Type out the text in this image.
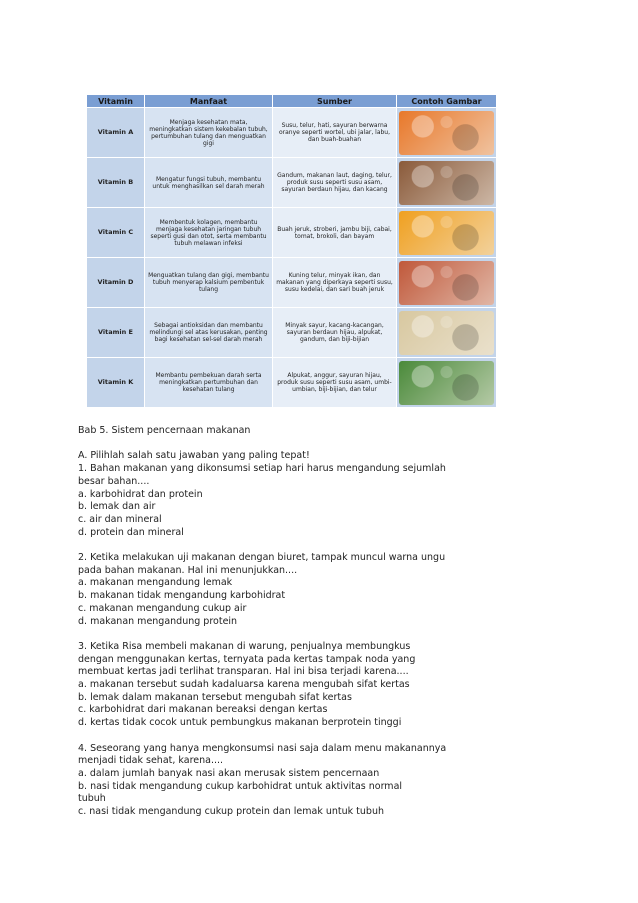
Vitamin	Manfaat	Sumber	Contoh Gambar
Vitamin A	Menjaga kesehatan mata, meningkatkan sistem kekebalan tubuh, pertumbuhan tulang dan menguatkan gigi	Susu, telur, hati, sayuran berwarna oranye seperti wortel, ubi jalar, labu, dan buah-buahan	

Vitamin B	Mengatur fungsi tubuh, membantu untuk menghasilkan sel darah merah	Gandum, makanan laut, daging, telur, produk susu seperti susu asam, sayuran berdaun hijau, dan kacang	

Vitamin C	Membentuk kolagen, membantu menjaga kesehatan jaringan tubuh seperti gusi dan otot, serta membantu tubuh melawan infeksi	Buah jeruk, stroberi, jambu biji, cabai, tomat, brokoli, dan bayam	

Vitamin D	Menguatkan tulang dan gigi, membantu tubuh menyerap kalsium pembentuk tulang	Kuning telur, minyak ikan, dan makanan yang diperkaya seperti susu, susu kedelai, dan sari buah jeruk	

Vitamin E	Sebagai antioksidan dan membantu melindungi sel atas kerusakan, penting bagi kesehatan sel-sel darah merah	Minyak sayur, kacang-kacangan, sayuran berdaun hijau, alpukat, gandum, dan biji-bijian	

Vitamin K	Membantu pembekuan darah serta meningkatkan pertumbuhan dan kesehatan tulang	Alpukat, anggur, sayuran hijau, produk susu seperti susu asam, umbi-umbian, biji-bijian, dan telur	

Bab 5. Sistem pencernaan makanan

A. Pilihlah salah satu jawaban yang paling tepat!

1. Bahan makanan yang dikonsumsi setiap hari harus mengandung sejumlah

besar bahan....

a. karbohidrat dan protein

b. lemak dan air

c. air dan mineral

d. protein dan mineral

2. Ketika melakukan uji makanan dengan biuret, tampak muncul warna ungu

pada bahan makanan. Hal ini menunjukkan....

a. makanan mengandung lemak

b. makanan tidak mengandung karbohidrat

c. makanan mengandung cukup air

d. makanan mengandung protein

3. Ketika Risa membeli makanan di warung, penjualnya membungkus

dengan menggunakan kertas, ternyata pada kertas tampak noda yang

membuat kertas jadi terlihat transparan. Hal ini bisa terjadi karena....

a. makanan tersebut sudah kadaluarsa karena mengubah sifat kertas

b. lemak dalam makanan tersebut mengubah sifat kertas

c. karbohidrat dari makanan bereaksi dengan kertas

d. kertas tidak cocok untuk pembungkus makanan berprotein tinggi

4. Seseorang yang hanya mengkonsumsi nasi saja dalam menu makanannya

menjadi tidak sehat, karena....

a. dalam jumlah banyak nasi akan merusak sistem pencernaan

b. nasi tidak mengandung cukup karbohidrat untuk aktivitas normal

tubuh

c. nasi tidak mengandung cukup protein dan lemak untuk tubuh
